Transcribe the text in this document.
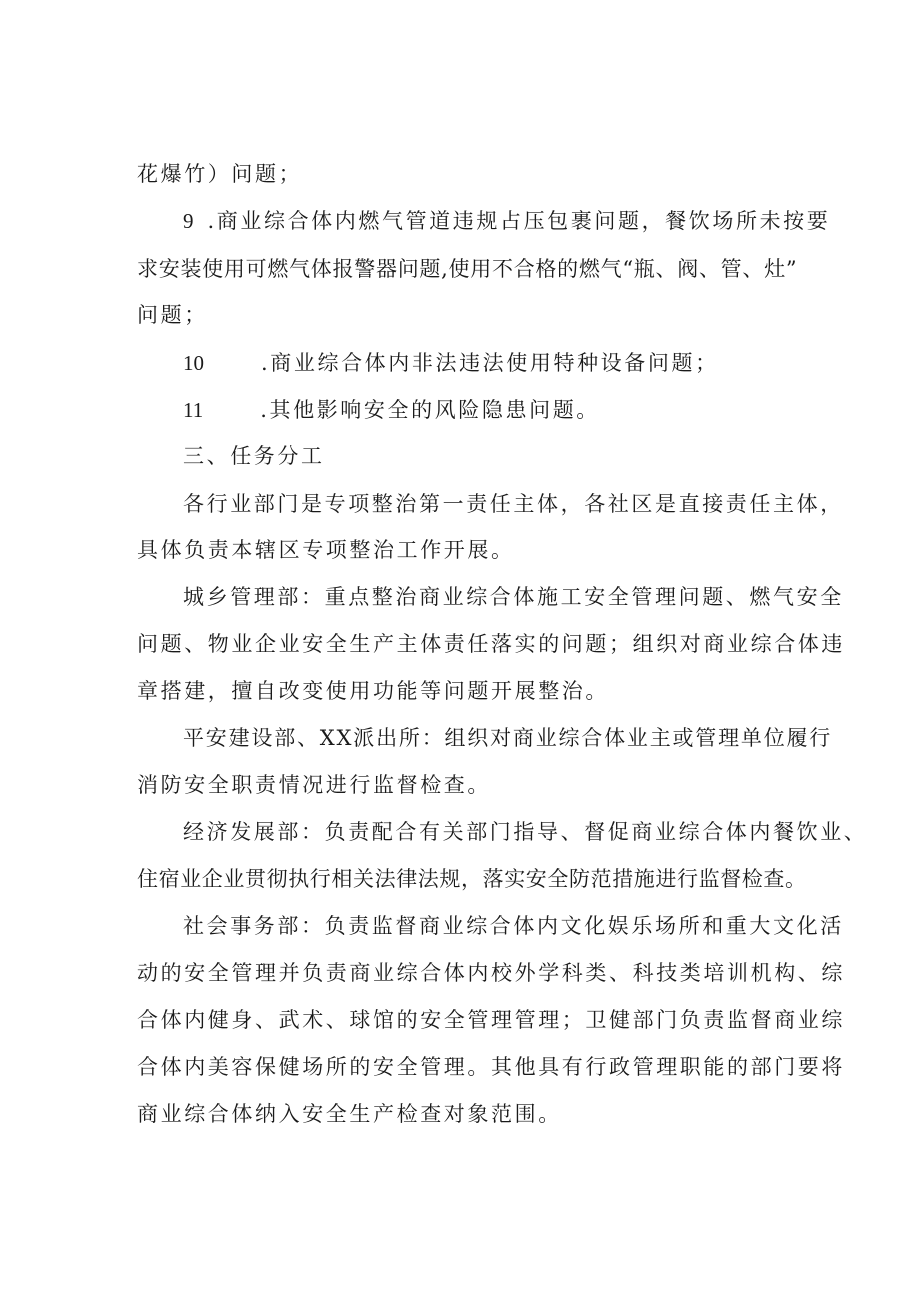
花爆竹）问题；
9 .商业综合体内燃气管道违规占压包裹问题，餐饮场所未按要
求安装使用可燃气体报警器问题,使用不合格的燃气“瓶、阀、管、灶”
问题；
10	.商业综合体内非法违法使用特种设备问题；
11	.其他影响安全的风险隐患问题。
三、任务分工
各行业部门是专项整治第一责任主体，各社区是直接责任主体，
具体负责本辖区专项整治工作开展。
城乡管理部：重点整治商业综合体施工安全管理问题、燃气安全
问题、物业企业安全生产主体责任落实的问题；组织对商业综合体违
章搭建，擅自改变使用功能等问题开展整治。
平安建设部、XX派出所：组织对商业综合体业主或管理单位履行
消防安全职责情况进行监督检查。
经济发展部：负责配合有关部门指导、督促商业综合体内餐饮业、
住宿业企业贯彻执行相关法律法规，落实安全防范措施进行监督检查。
社会事务部：负责监督商业综合体内文化娱乐场所和重大文化活
动的安全管理并负责商业综合体内校外学科类、科技类培训机构、综
合体内健身、武术、球馆的安全管理管理；卫健部门负责监督商业综
合体内美容保健场所的安全管理。其他具有行政管理职能的部门要将
商业综合体纳入安全生产检查对象范围。
